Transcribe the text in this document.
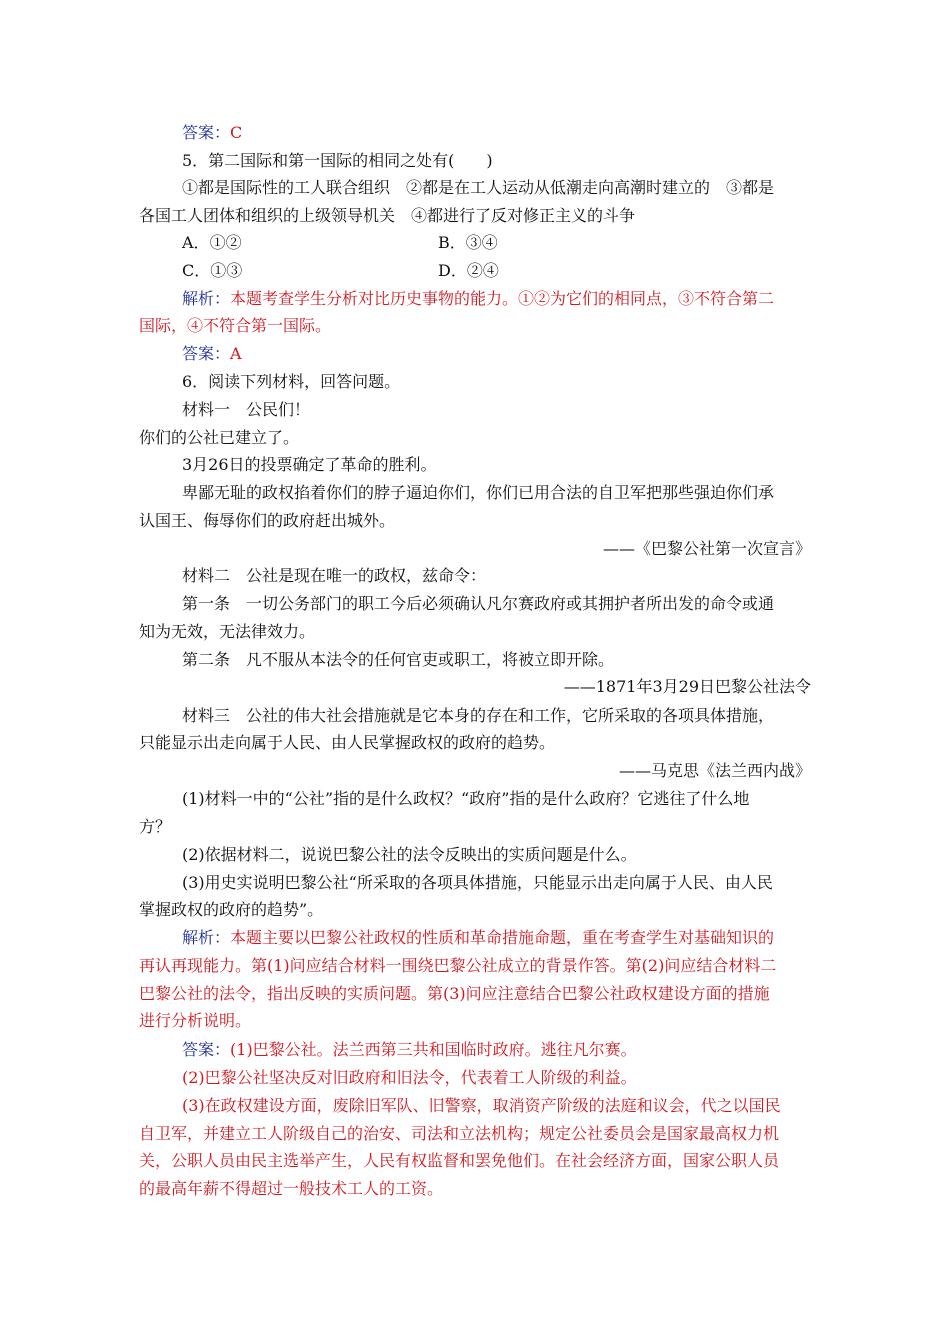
答案：C
5．第二国际和第一国际的相同之处有(　　)
①都是国际性的工人联合组织　②都是在工人运动从低潮走向高潮时建立的　③都是
各国工人团体和组织的上级领导机关　④都进行了反对修正主义的斗争
A．①②	B．③④
C．①③	D．②④
解析：本题考查学生分析对比历史事物的能力。①②为它们的相同点，③不符合第二
国际，④不符合第一国际。
答案：A
6．阅读下列材料，回答问题。
材料一　公民们！
你们的公社已建立了。
3月26日的投票确定了革命的胜利。
卑鄙无耻的政权掐着你们的脖子逼迫你们，你们已用合法的自卫军把那些强迫你们承
认国王、侮辱你们的政府赶出城外。
——《巴黎公社第一次宣言》
材料二　公社是现在唯一的政权，兹命令：
第一条　一切公务部门的职工今后必须确认凡尔赛政府或其拥护者所出发的命令或通
知为无效，无法律效力。
第二条　凡不服从本法令的任何官吏或职工，将被立即开除。
——1871年3月29日巴黎公社法令
材料三　公社的伟大社会措施就是它本身的存在和工作，它所采取的各项具体措施，
只能显示出走向属于人民、由人民掌握政权的政府的趋势。
——马克思《法兰西内战》
(1)材料一中的“公社”指的是什么政权？“政府”指的是什么政府？它逃往了什么地
方？
(2)依据材料二，说说巴黎公社的法令反映出的实质问题是什么。
(3)用史实说明巴黎公社“所采取的各项具体措施，只能显示出走向属于人民、由人民
掌握政权的政府的趋势”。
解析：本题主要以巴黎公社政权的性质和革命措施命题，重在考查学生对基础知识的
再认再现能力。第(1)问应结合材料一围绕巴黎公社成立的背景作答。第(2)问应结合材料二
巴黎公社的法令，指出反映的实质问题。第(3)问应注意结合巴黎公社政权建设方面的措施
进行分析说明。
答案：(1)巴黎公社。法兰西第三共和国临时政府。逃往凡尔赛。
(2)巴黎公社坚决反对旧政府和旧法令，代表着工人阶级的利益。
(3)在政权建设方面，废除旧军队、旧警察，取消资产阶级的法庭和议会，代之以国民
自卫军，并建立工人阶级自己的治安、司法和立法机构；规定公社委员会是国家最高权力机
关，公职人员由民主选举产生，人民有权监督和罢免他们。在社会经济方面，国家公职人员
的最高年薪不得超过一般技术工人的工资。
